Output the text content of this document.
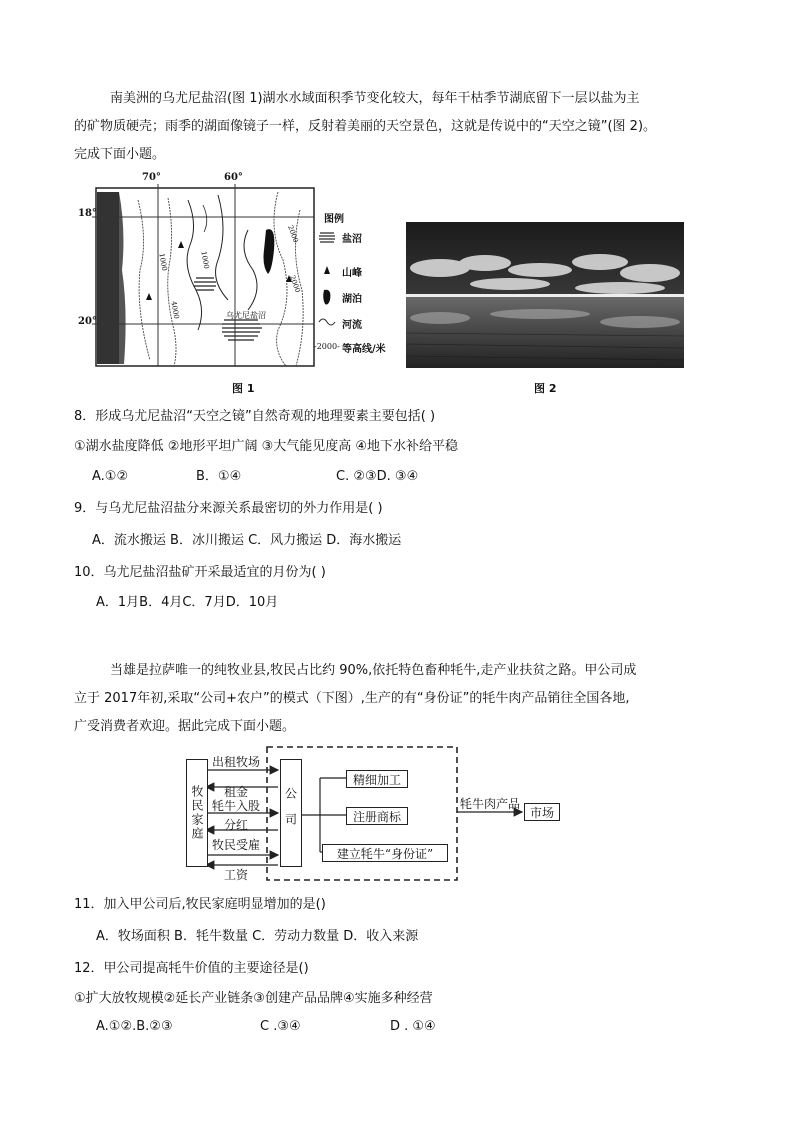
南美洲的乌尤尼盐沼(图 1)湖水水域面积季节变化较大，每年干枯季节湖底留下一层以盐为主
的矿物质硬壳；雨季的湖面像镜子一样，反射着美丽的天空景色，这就是传说中的“天空之镜”(图 2)。
完成下面小题。
70°	60°
18°
20°
乌尤尼盐沼
1000
4000
2000
2000
1000
图例
盐沼
山峰
湖泊
河流
-2000- 等高线/米
图 1	图 2
8．形成乌尤尼盐沼“天空之镜”自然奇观的地理要素主要包括( )
①湖水盐度降低 ②地形平坦广阔 ③大气能见度高 ④地下水补给平稳
A.①②	B．①④	C. ②③D. ③④
9．与乌尤尼盐沼盐分来源关系最密切的外力作用是( )
A．流水搬运 B．冰川搬运 C．风力搬运 D．海水搬运
10．乌尤尼盐沼盐矿开采最适宜的月份为( )
A．1月B．4月C．7月D．10月
当雄是拉萨唯一的纯牧业县,牧民占比约 90%,依托特色畜种牦牛,走产业扶贫之路。甲公司成
立于 2017年初,采取“公司+农户”的模式（下图）,生产的有“身份证”的牦牛肉产品销往全国各地,
广受消费者欢迎。据此完成下面小题。
牧民家庭	公司
出租牧场
租金
牦牛入股
分红
牧民受雇
工资
精细加工
注册商标
建立牦牛“身份证”
牦牛肉产品
市场
11．加入甲公司后,牧民家庭明显增加的是()
A．牧场面积 B．牦牛数量 C．劳动力数量 D．收入来源
12．甲公司提高牦牛价值的主要途径是()
①扩大放牧规模②延长产业链条③创建产品品牌④实施多种经营
A.①②.B.②③	C .③④	D . ①④
